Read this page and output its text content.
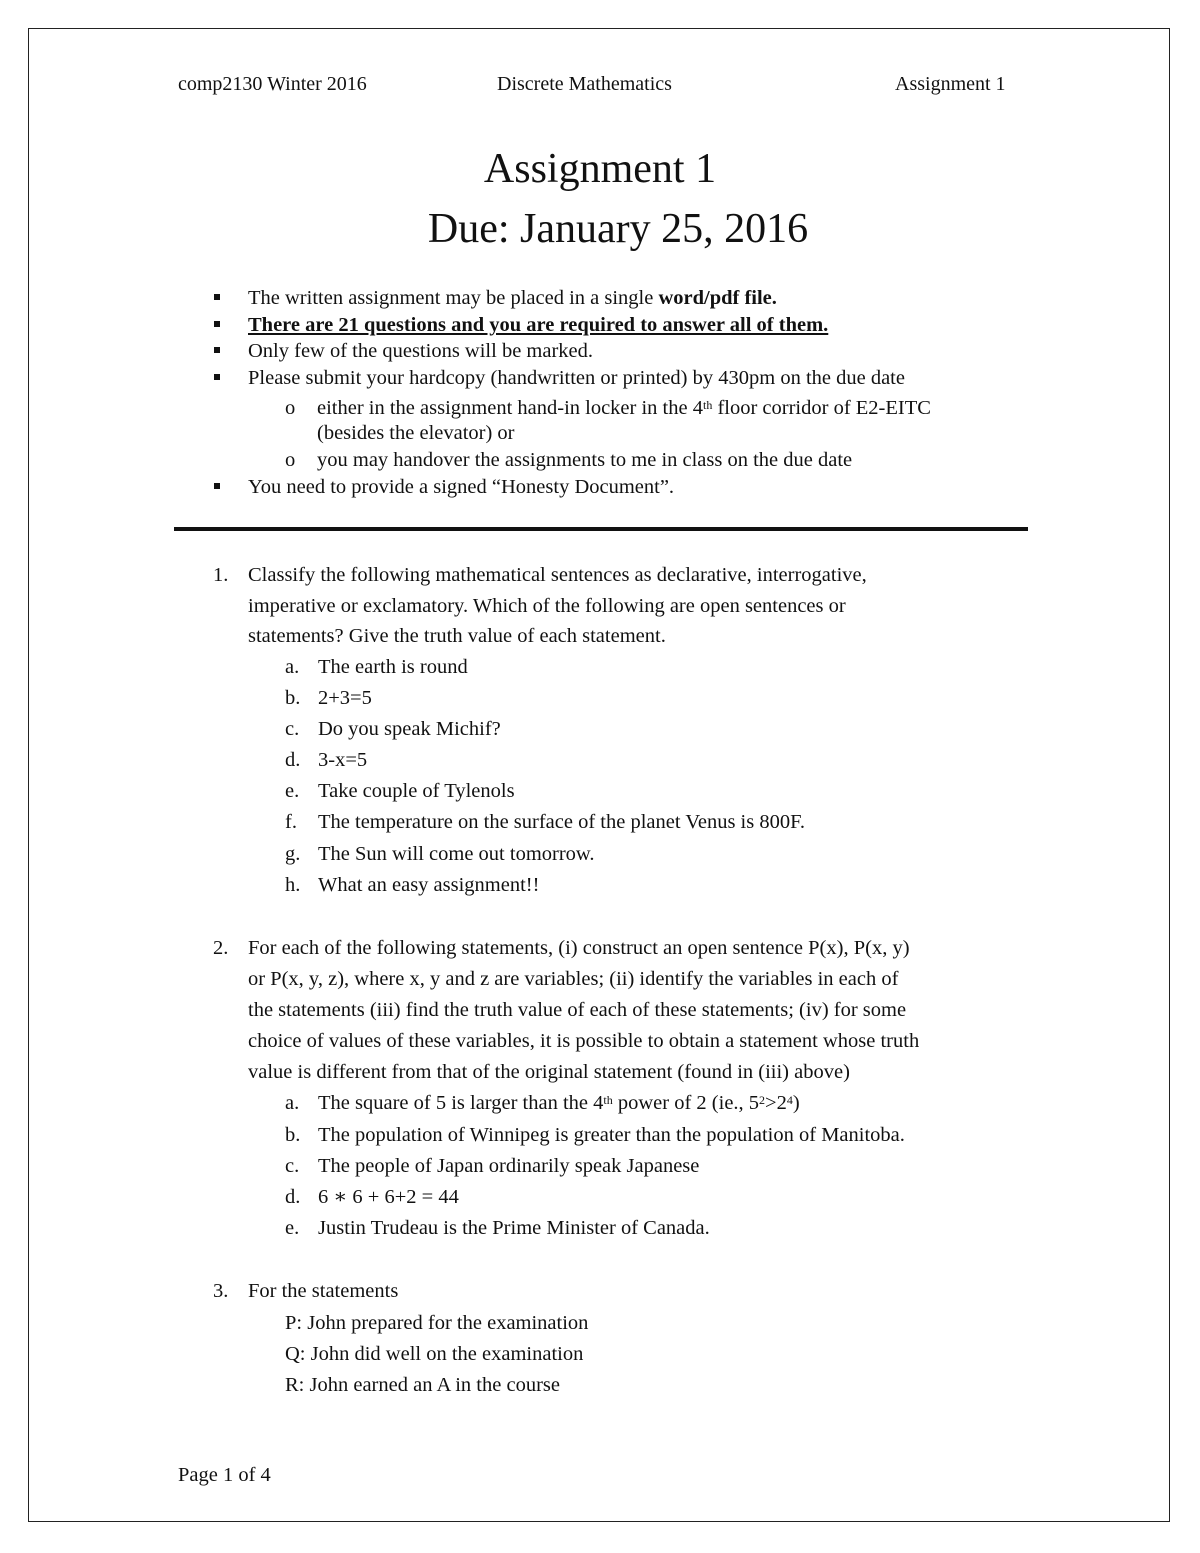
comp2130 Winter 2016	Discrete Mathematics	Assignment 1
Assignment 1
Due: January 25, 2016
The written assignment may be placed in a single word/pdf file.
There are 21 questions and you are required to answer all of them.
Only few of the questions will be marked.
Please submit your hardcopy (handwritten or printed) by 430pm on the due date
o either in the assignment hand-in locker in the 4th floor corridor of E2-EITC
(besides the elevator) or
o you may handover the assignments to me in class on the due date
You need to provide a signed “Honesty Document”.
1. Classify the following mathematical sentences as declarative, interrogative,
imperative or exclamatory. Which of the following are open sentences or
statements? Give the truth value of each statement.
a. The earth is round
b. 2+3=5
c. Do you speak Michif?
d. 3-x=5
e. Take couple of Tylenols
f. The temperature on the surface of the planet Venus is 800F.
g. The Sun will come out tomorrow.
h. What an easy assignment!!
2. For each of the following statements, (i) construct an open sentence P(x), P(x, y)
or P(x, y, z), where x, y and z are variables; (ii) identify the variables in each of
the statements (iii) find the truth value of each of these statements; (iv) for some
choice of values of these variables, it is possible to obtain a statement whose truth
value is different from that of the original statement (found in (iii) above)
a. The square of 5 is larger than the 4th power of 2 (ie., $5^2>2^4$)
b. The population of Winnipeg is greater than the population of Manitoba.
c. The people of Japan ordinarily speak Japanese
d. 6 ∗ 6 + 6+2 = 44
e. Justin Trudeau is the Prime Minister of Canada.
3. For the statements
P: John prepared for the examination
Q: John did well on the examination
R: John earned an A in the course
Page 1 of 4
